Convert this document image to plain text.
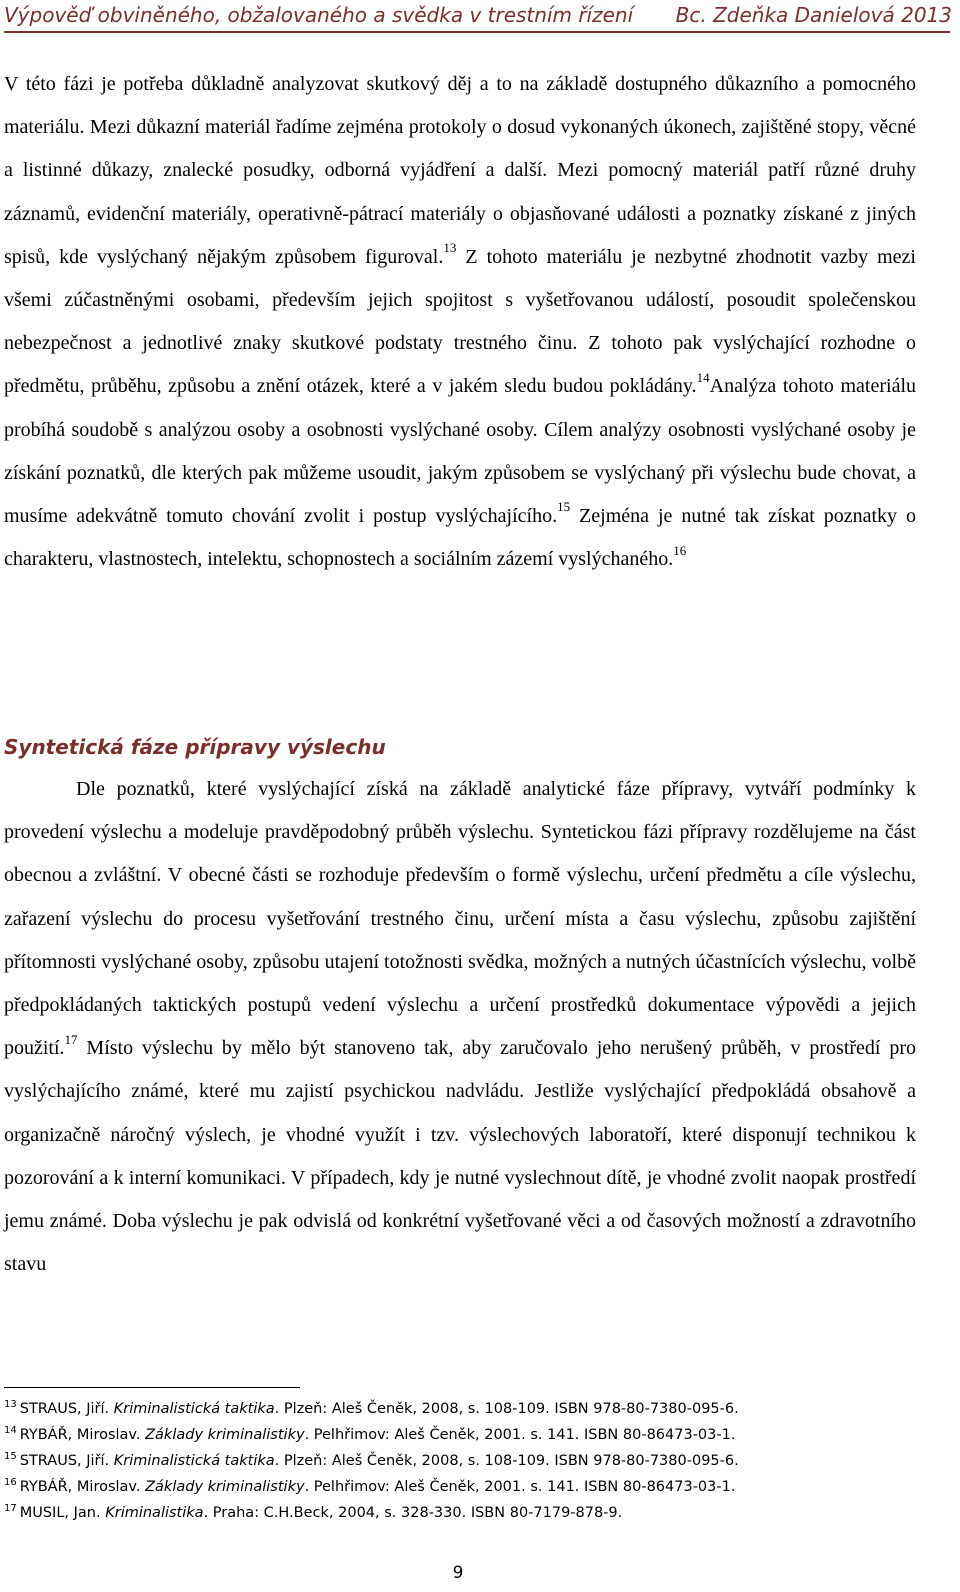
Výpověď obviněného, obžalovaného a svědka v trestním řízení Bc. Zdeňka Danielová 2013
V této fázi je potřeba důkladně analyzovat skutkový děj a to na základě dostupného důkazního a pomocného materiálu. Mezi důkazní materiál řadíme zejména protokoly o dosud vykonaných úkonech, zajištěné stopy, věcné a listinné důkazy, znalecké posudky, odborná vyjádření a další. Mezi pomocný materiál patří různé druhy záznamů, evidenční materiály, operativně-pátrací materiály o objasňované události a poznatky získané z jiných spisů, kde vyslýchaný nějakým způsobem figuroval.$^{13}$ Z tohoto materiálu je nezbytné zhodnotit vazby mezi všemi zúčastněnými osobami, především jejich spojitost s vyšetřovanou událostí, posoudit společenskou nebezpečnost a jednotlivé znaky skutkové podstaty trestného činu. Z tohoto pak vyslýchající rozhodne o předmětu, průběhu, způsobu a znění otázek, které a v jakém sledu budou pokládány.$^{14}$Analýza tohoto materiálu probíhá soudobě s analýzou osoby a osobnosti vyslýchané osoby. Cílem analýzy osobnosti vyslýchané osoby je získání poznatků, dle kterých pak můžeme usoudit, jakým způsobem se vyslýchaný při výslechu bude chovat, a musíme adekvátně tomuto chování zvolit i postup vyslýchajícího.$^{15}$ Zejména je nutné tak získat poznatky o charakteru, vlastnostech, intelektu, schopnostech a sociálním zázemí vyslýchaného.$^{16}$
Syntetická fáze přípravy výslechu
Dle poznatků, které vyslýchající získá na základě analytické fáze přípravy, vytváří podmínky k provedení výslechu a modeluje pravděpodobný průběh výslechu. Syntetickou fázi přípravy rozdělujeme na část obecnou a zvláštní. V obecné části se rozhoduje především o formě výslechu, určení předmětu a cíle výslechu, zařazení výslechu do procesu vyšetřování trestného činu, určení místa a času výslechu, způsobu zajištění přítomnosti vyslýchané osoby, způsobu utajení totožnosti svědka, možných a nutných účastnících výslechu, volbě předpokládaných taktických postupů vedení výslechu a určení prostředků dokumentace výpovědi a jejich použití.$^{17}$ Místo výslechu by mělo být stanoveno tak, aby zaručovalo jeho nerušený průběh, v prostředí pro vyslýchajícího známé, které mu zajistí psychickou nadvládu. Jestliže vyslýchající předpokládá obsahově a organizačně náročný výslech, je vhodné využít i tzv. výslechových laboratoří, které disponují technikou k pozorování a k interní komunikaci. V případech, kdy je nutné vyslechnout dítě, je vhodné zvolit naopak prostředí jemu známé. Doba výslechu je pak odvislá od konkrétní vyšetřované věci a od časových možností a zdravotního stavu
$^{13}$ STRAUS, Jiří. Kriminalistická taktika. Plzeň: Aleš Čeněk, 2008, s. 108-109. ISBN 978-80-7380-095-6.
$^{14}$ RYBÁŘ, Miroslav. Základy kriminalistiky. Pelhřimov: Aleš Čeněk, 2001. s. 141. ISBN 80-86473-03-1.
$^{15}$ STRAUS, Jiří. Kriminalistická taktika. Plzeň: Aleš Čeněk, 2008, s. 108-109. ISBN 978-80-7380-095-6.
$^{16}$ RYBÁŘ, Miroslav. Základy kriminalistiky. Pelhřimov: Aleš Čeněk, 2001. s. 141. ISBN 80-86473-03-1.
$^{17}$ MUSIL, Jan. Kriminalistika. Praha: C.H.Beck, 2004, s. 328-330. ISBN 80-7179-878-9.
9
